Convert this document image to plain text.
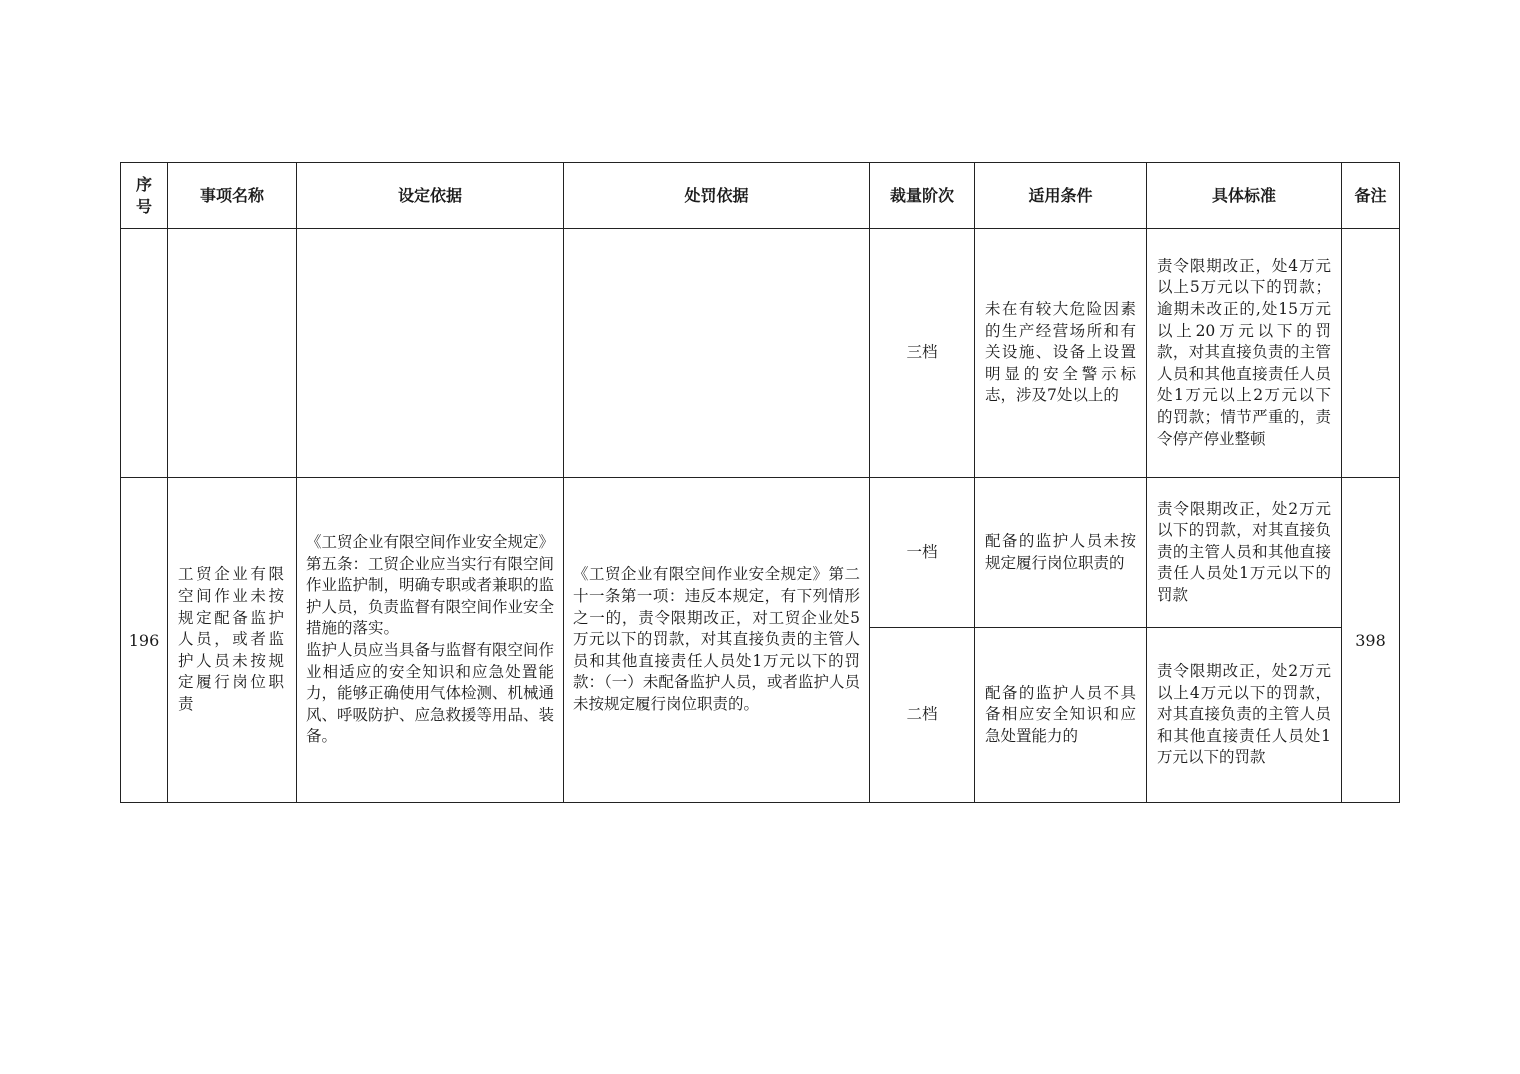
序号	事项名称	设定依据	处罚依据	裁量阶次	适用条件	具体标准	备注
				三档	未在有较大危险因素的生产经营场所和有关设施、设备上设置明显的安全警示标志，涉及7处以上的	责令限期改正，处4万元以上5万元以下的罚款；逾期未改正的,处15万元以上20万元以下的罚款，对其直接负责的主管人员和其他直接责任人员处1万元以上2万元以下的罚款；情节严重的，责令停产停业整顿	

196	工贸企业有限空间作业未按规定配备监护人员，或者监护人员未按规定履行岗位职责	《工贸企业有限空间作业安全规定》第五条：工贸企业应当实行有限空间作业监护制，明确专职或者兼职的监护人员，负责监督有限空间作业安全措施的落实。
监护人员应当具备与监督有限空间作业相适应的安全知识和应急处置能力，能够正确使用气体检测、机械通风、呼吸防护、应急救援等用品、装备。	《工贸企业有限空间作业安全规定》第二十一条第一项：违反本规定，有下列情形之一的，责令限期改正，对工贸企业处5万元以下的罚款，对其直接负责的主管人员和其他直接责任人员处1万元以下的罚款：（一）未配备监护人员，或者监护人员未按规定履行岗位职责的。	一档	配备的监护人员未按规定履行岗位职责的	责令限期改正，处2万元以下的罚款，对其直接负责的主管人员和其他直接责任人员处1万元以下的罚款	398
				二档	配备的监护人员不具备相应安全知识和应急处置能力的	责令限期改正，处2万元以上4万元以下的罚款，对其直接负责的主管人员和其他直接责任人员处1万元以下的罚款	
